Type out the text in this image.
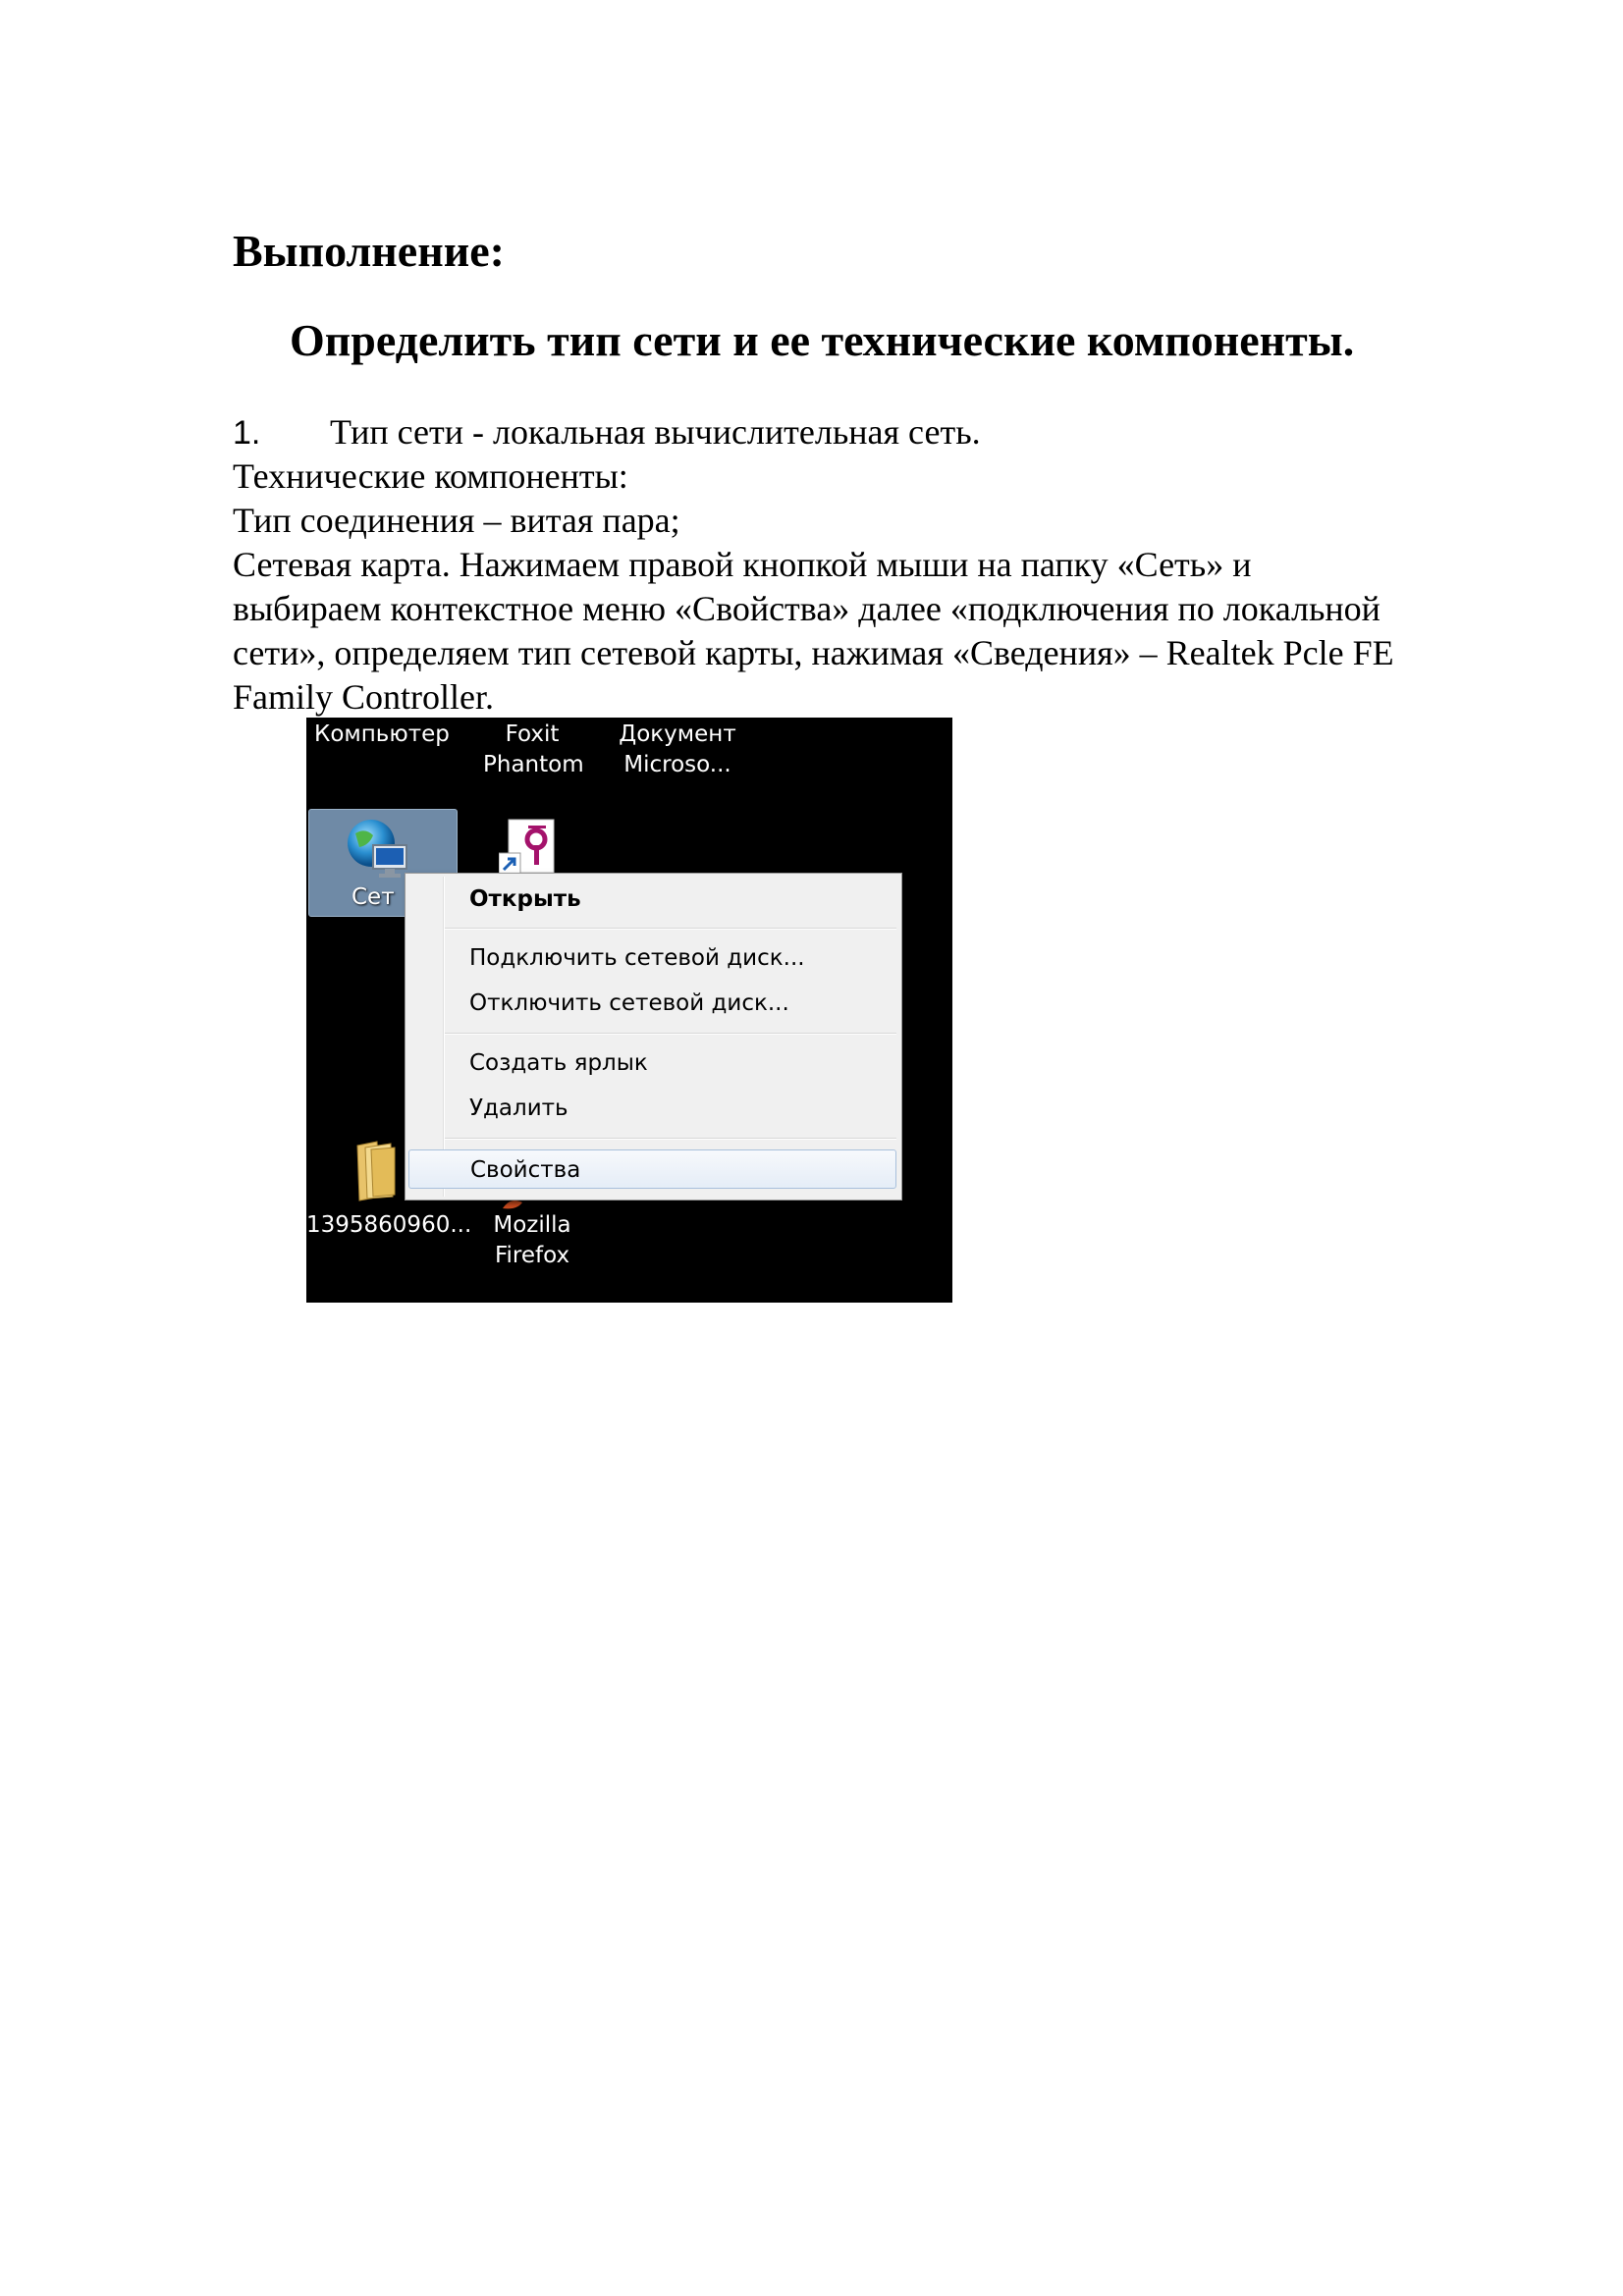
Выполнение:
Определить тип сети и ее технические компоненты.
1. Тип сети - локальная вычислительная сеть.
Технические компоненты:
Тип соединения – витая пара;
Сетевая карта. Нажимаем правой кнопкой мыши на папку «Сеть» и
выбираем контекстное меню «Свойства» далее «подключения по локальной
сети», определяем тип сетевой карты, нажимая «Сведения» – Realtek Pcle FE
Family Controller.
Компьютер	Foxit
Phantom
Документ
Microso...
Сет
1395860960... Mozilla
Firefox
Открыть
Подключить сетевой диск...
Отключить сетевой диск...
Создать ярлык
Удалить
Свойства
